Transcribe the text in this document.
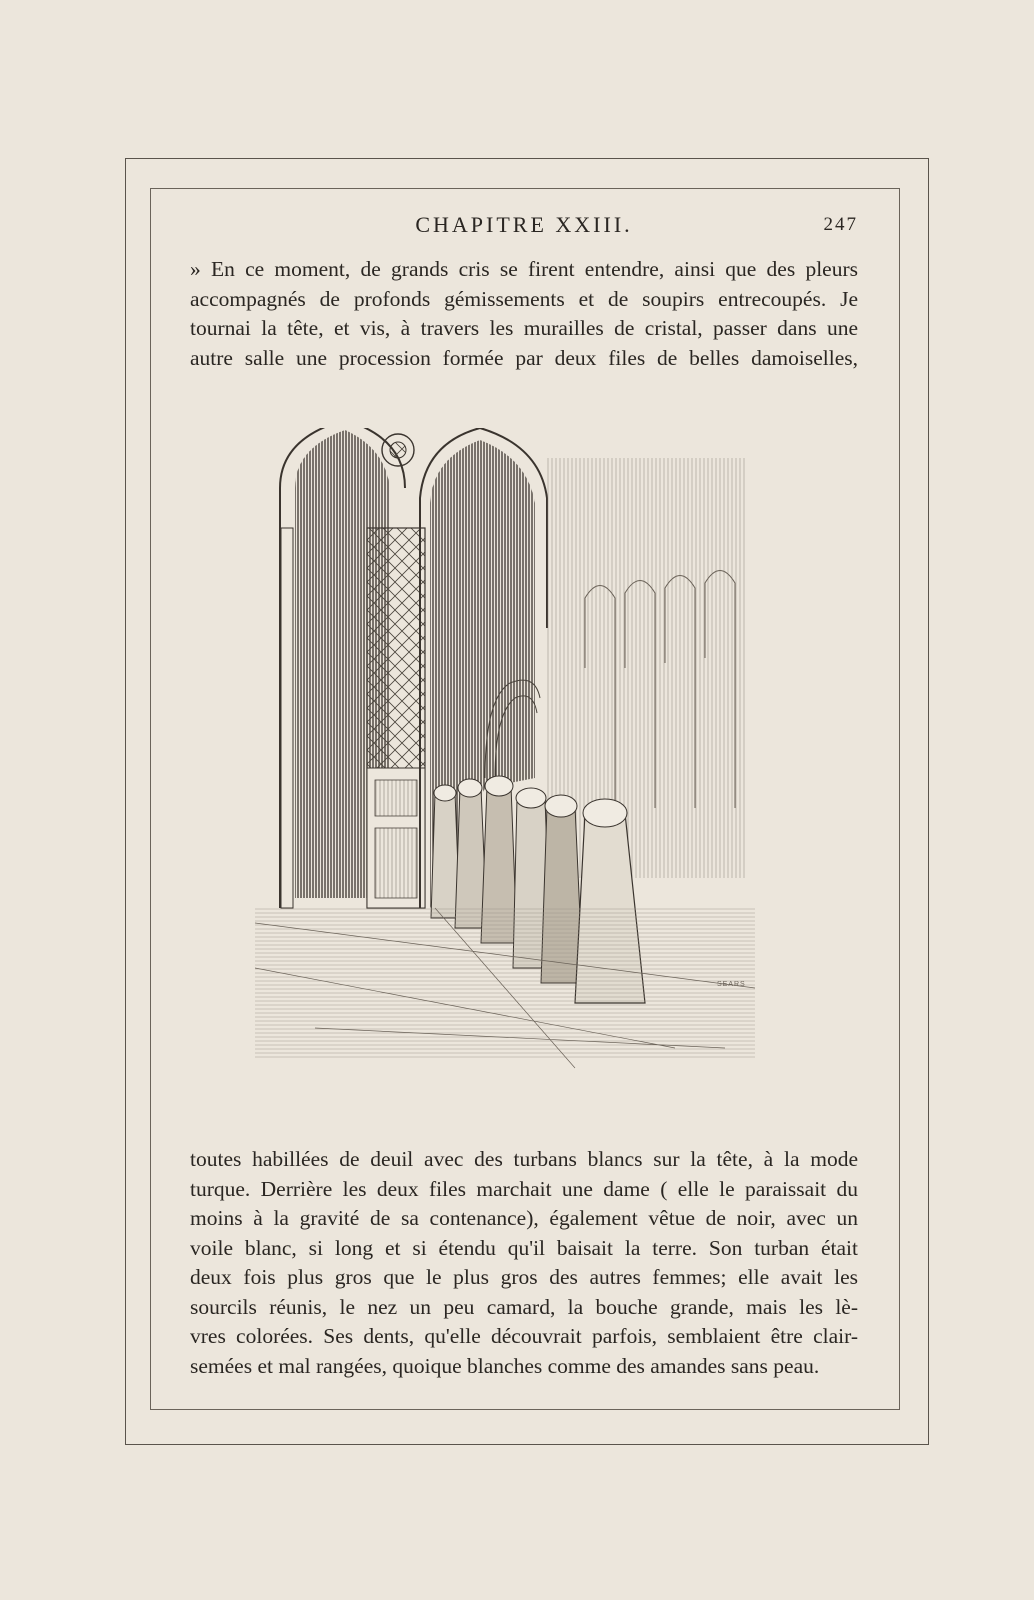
CHAPITRE XXIII.	247
» En ce moment, de grands cris se firent entendre, ainsi que des pleurs
accompagnés de profonds gémissements et de soupirs entrecoupés. Je
tournai la tête, et vis, à travers les murailles de cristal, passer dans une
autre salle une procession formée par deux files de belles damoiselles,
SEARS
toutes habillées de deuil avec des turbans blancs sur la tête, à la mode
turque. Derrière les deux files marchait une dame ( elle le paraissait du
moins à la gravité de sa contenance), également vêtue de noir, avec un
voile blanc, si long et si étendu qu'il baisait la terre. Son turban était
deux fois plus gros que le plus gros des autres femmes; elle avait les
sourcils réunis, le nez un peu camard, la bouche grande, mais les lè-
vres colorées. Ses dents, qu'elle découvrait parfois, semblaient être clair-
semées et mal rangées, quoique blanches comme des amandes sans peau.
